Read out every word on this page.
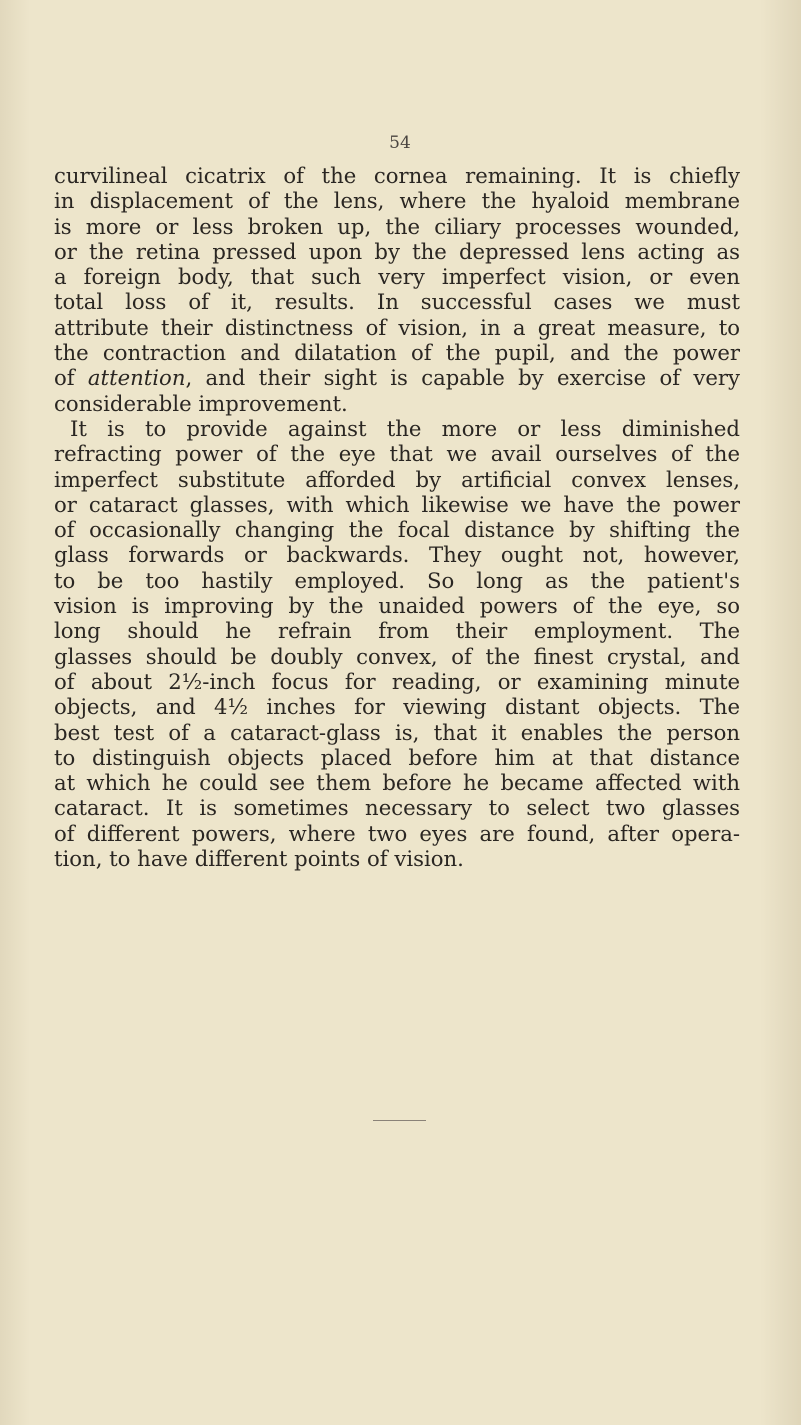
54
curvilineal cicatrix of the cornea remaining. It is chiefly
in displacement of the lens, where the hyaloid membrane
is more or less broken up, the ciliary processes wounded,
or the retina pressed upon by the depressed lens acting as
a foreign body, that such very imperfect vision, or even
total loss of it, results. In successful cases we must
attribute their distinctness of vision, in a great measure, to
the contraction and dilatation of the pupil, and the power
of attention, and their sight is capable by exercise of very
considerable improvement.
It is to provide against the more or less diminished
refracting power of the eye that we avail ourselves of the
imperfect substitute afforded by artificial convex lenses,
or cataract glasses, with which likewise we have the power
of occasionally changing the focal distance by shifting the
glass forwards or backwards. They ought not, however,
to be too hastily employed. So long as the patient's
vision is improving by the unaided powers of the eye, so
long should he refrain from their employment. The
glasses should be doubly convex, of the finest crystal, and
of about 2½-inch focus for reading, or examining minute
objects, and 4½ inches for viewing distant objects. The
best test of a cataract-glass is, that it enables the person
to distinguish objects placed before him at that distance
at which he could see them before he became affected with
cataract. It is sometimes necessary to select two glasses
of different powers, where two eyes are found, after opera-
tion, to have different points of vision.
